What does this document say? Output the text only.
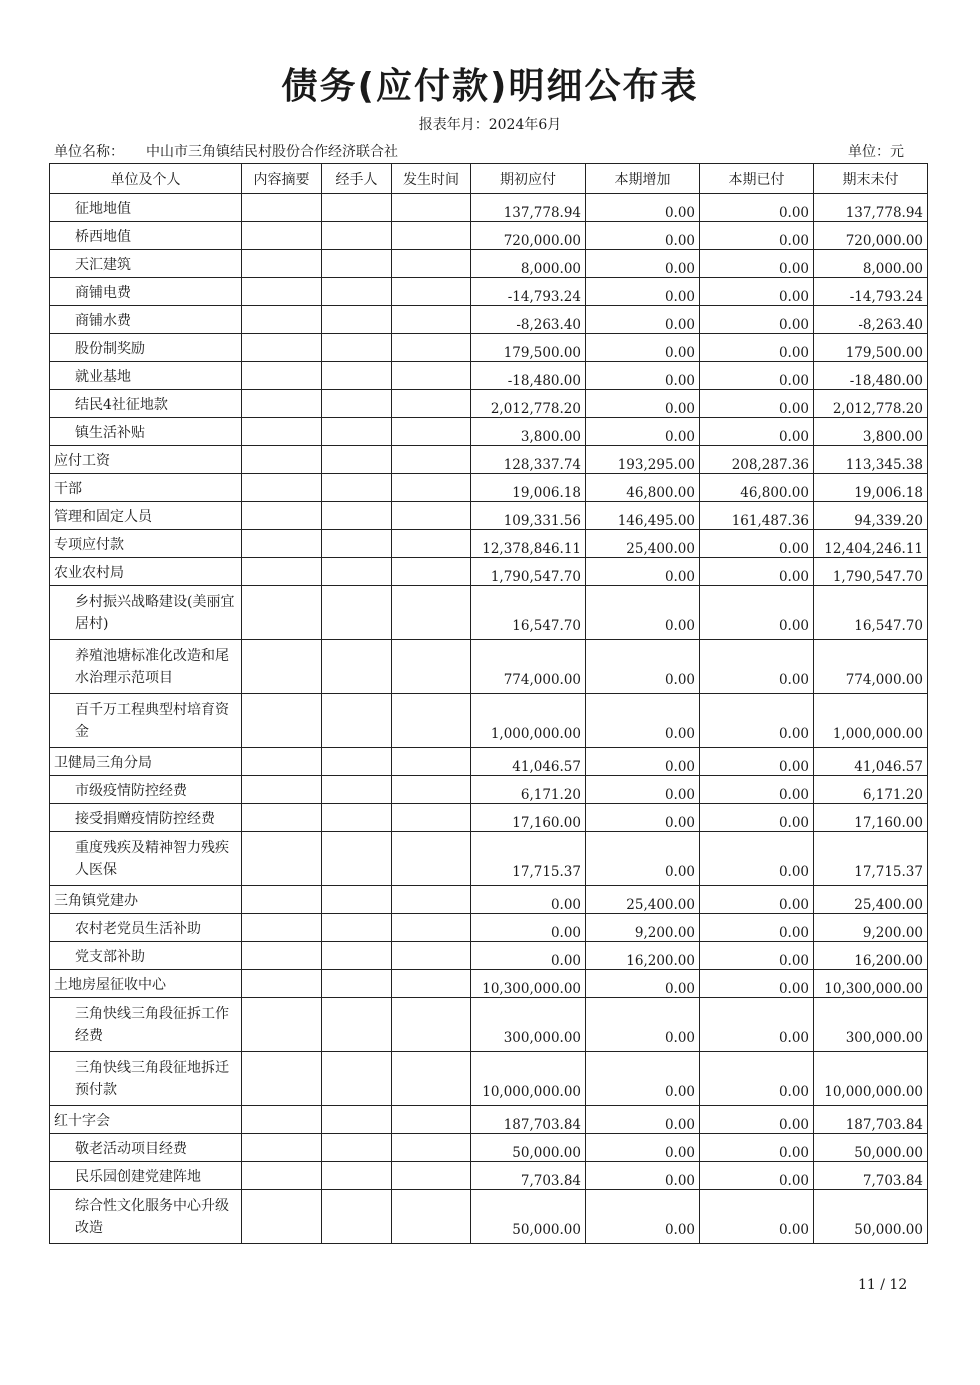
债务(应付款)明细公布表
报表年月：2024年6月
单位名称： 中山市三角镇结民村股份合作经济联合社	单位：元
单位及个人	内容摘要	经手人	发生时间	期初应付	本期增加	本期已付	期末未付
征地地值				137,778.94	0.00	0.00	137,778.94
桥西地值				720,000.00	0.00	0.00	720,000.00
天汇建筑				8,000.00	0.00	0.00	8,000.00
商铺电费				-14,793.24	0.00	0.00	-14,793.24
商铺水费				-8,263.40	0.00	0.00	-8,263.40
股份制奖励				179,500.00	0.00	0.00	179,500.00
就业基地				-18,480.00	0.00	0.00	-18,480.00
结民4社征地款				2,012,778.20	0.00	0.00	2,012,778.20
镇生活补贴				3,800.00	0.00	0.00	3,800.00
应付工资				128,337.74	193,295.00	208,287.36	113,345.38
干部				19,006.18	46,800.00	46,800.00	19,006.18
管理和固定人员				109,331.56	146,495.00	161,487.36	94,339.20
专项应付款				12,378,846.11	25,400.00	0.00	12,404,246.11
农业农村局				1,790,547.70	0.00	0.00	1,790,547.70
乡村振兴战略建设(美丽宜居村)				16,547.70	0.00	0.00	16,547.70
养殖池塘标准化改造和尾水治理示范项目				774,000.00	0.00	0.00	774,000.00
百千万工程典型村培育资金				1,000,000.00	0.00	0.00	1,000,000.00
卫健局三角分局				41,046.57	0.00	0.00	41,046.57
市级疫情防控经费				6,171.20	0.00	0.00	6,171.20
接受捐赠疫情防控经费				17,160.00	0.00	0.00	17,160.00
重度残疾及精神智力残疾人医保				17,715.37	0.00	0.00	17,715.37
三角镇党建办				0.00	25,400.00	0.00	25,400.00
农村老党员生活补助				0.00	9,200.00	0.00	9,200.00
党支部补助				0.00	16,200.00	0.00	16,200.00
土地房屋征收中心				10,300,000.00	0.00	0.00	10,300,000.00
三角快线三角段征拆工作经费				300,000.00	0.00	0.00	300,000.00
三角快线三角段征地拆迁预付款				10,000,000.00	0.00	0.00	10,000,000.00
红十字会				187,703.84	0.00	0.00	187,703.84
敬老活动项目经费				50,000.00	0.00	0.00	50,000.00
民乐园创建党建阵地				7,703.84	0.00	0.00	7,703.84
综合性文化服务中心升级改造				50,000.00	0.00	0.00	50,000.00
11 / 12
